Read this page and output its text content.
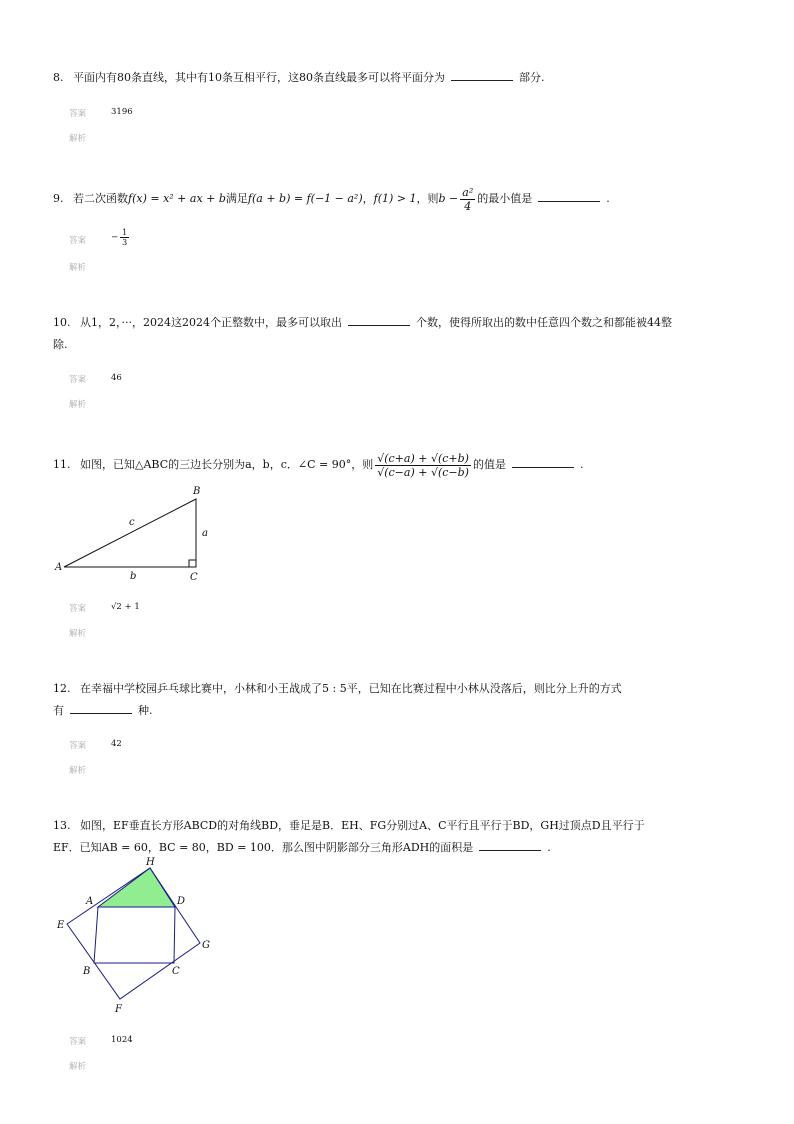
8. 平面内有80条直线，其中有10条互相平行，这80条直线最多可以将平面分为	部分.
答案	3196
解析
9. 若二次函数f(x) = x² + ax + b满足f(a + b) = f(−1 − a²)，f(1) > 1，则$b - \frac{\text{a²}}{4}$ 的最小值是	.
答案	− $\frac{1}{3}$
解析
10. 从1，2，···，2024这2024个正整数中，最多可以取出	个数，使得所取出的数中任意四个数之和都能被44整
除.
答案	46
解析
11. 如图，已知△ABC的三边长分别为a，b，c．∠C = 90°，则 $\frac{√(c+a) + √(c+b)}{√(c-a) + √(c-b)}$ 的值是	.
A
B
C
a
b
c
答案	√2 + 1
解析
12. 在幸福中学校园乒乓球比赛中，小林和小王战成了5 : 5平，已知在比赛过程中小林从没落后，则比分上升的方式
有	种.
答案	42
解析
13. 如图，EF垂直长方形ABCD的对角线BD，垂足是B．EH、FG分别过A、C平行且平行于BD，GH过顶点D且平行于
EF．已知AB = 60，BC = 80，BD = 100．那么图中阴影部分三角形ADH的面积是	.
H
A	D
E
G
B	C
F
答案	1024
解析
